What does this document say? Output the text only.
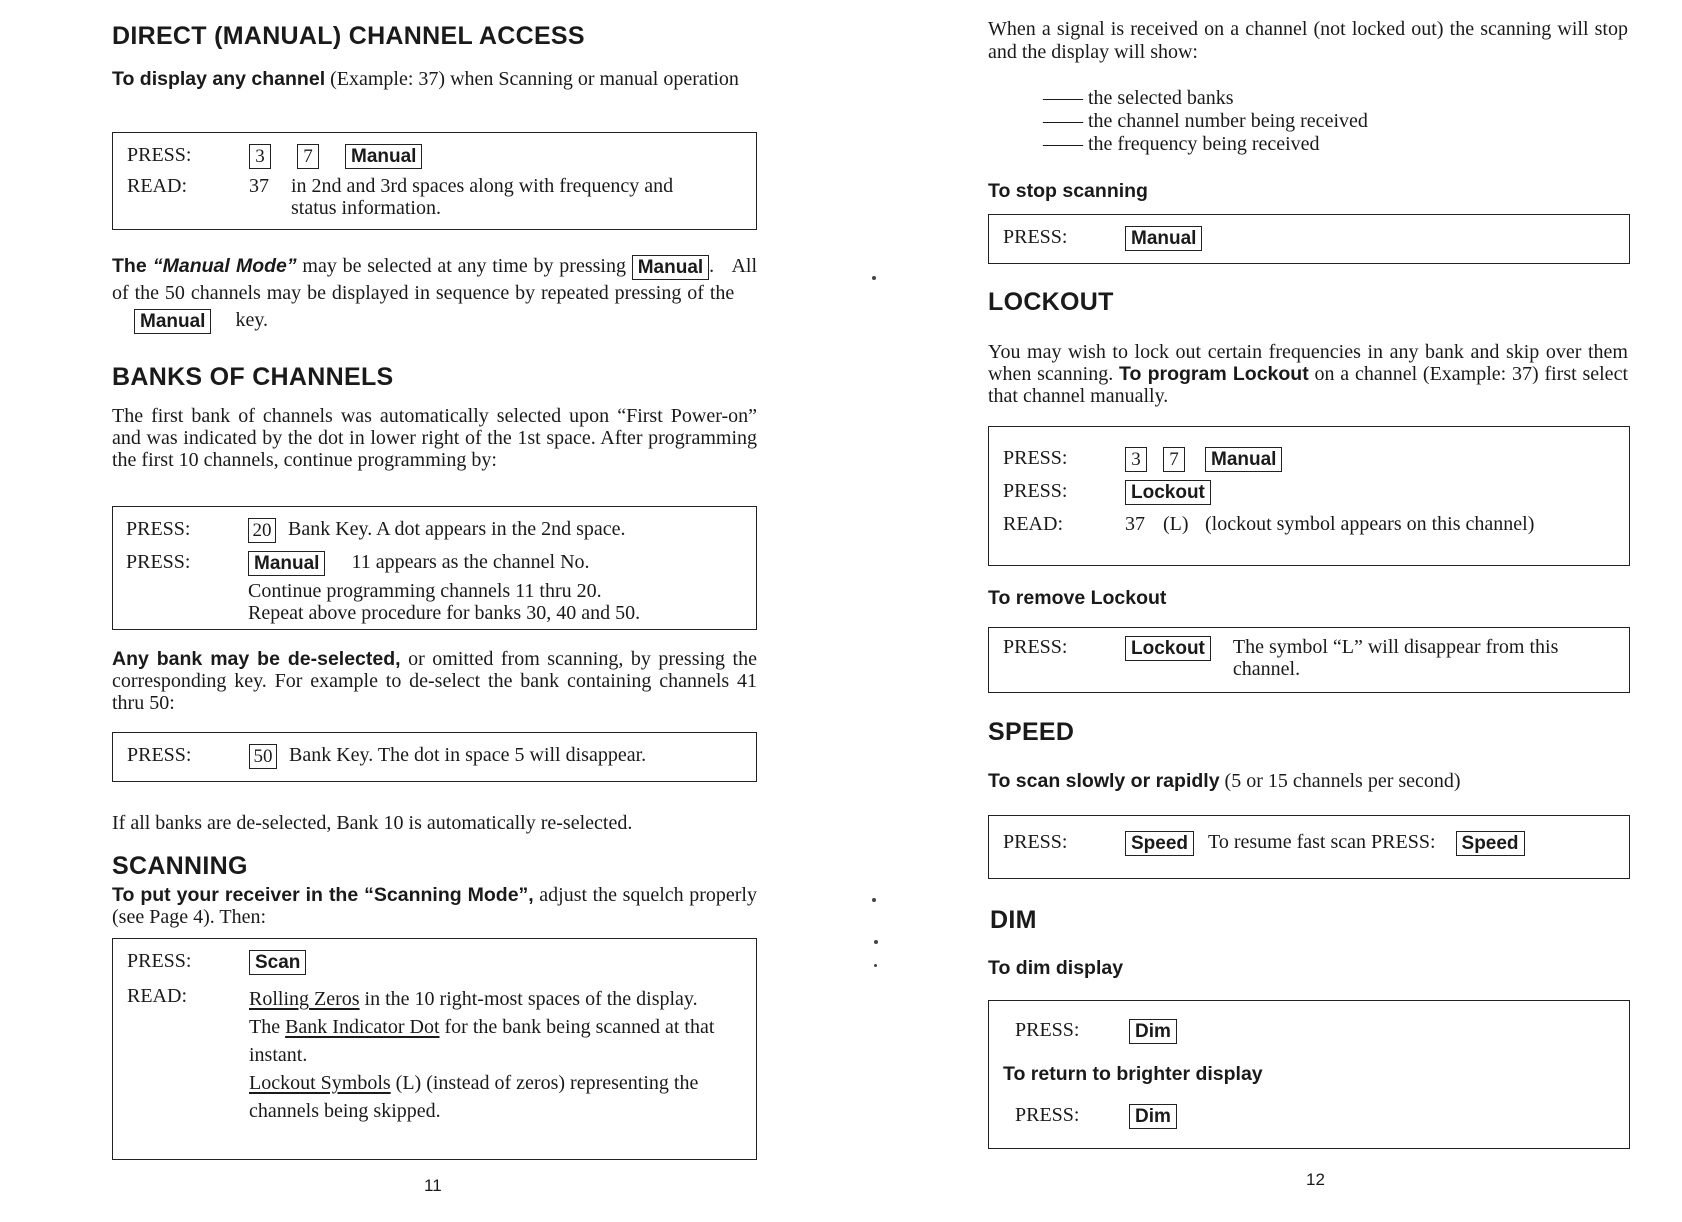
DIRECT (MANUAL) CHANNEL ACCESS

To display any channel (Example: 37) when Scanning or manual operation

PRESS:	3 7 Manual
READ:	37	in 2nd and 3rd spaces along with frequency and status information.

The “Manual Mode” may be selected at any time by pressing Manual .   All of the 50 channels may be displayed in sequence by repeated pressing of the    Manual key.

BANKS OF CHANNELS

The first bank of channels was automatically selected upon “First Power-on” and was indicated by the dot in lower right of the 1st space. After programming the first 10 channels, continue programming by:

PRESS:	20 Bank Key. A dot appears in the 2nd space.
PRESS:	Manual 11 appears as the channel No.
Continue programming channels 11 thru 20.
Repeat above procedure for banks 30, 40 and 50.

Any bank may be de-selected, or omitted from scanning, by pressing the corresponding key. For example to de-select the bank containing channels 41 thru 50:

PRESS:	50 Bank Key. The dot in space 5 will disappear.

If all banks are de-selected, Bank 10 is automatically re-selected.

SCANNING

To put your receiver in the “Scanning Mode”, adjust the squelch properly (see Page 4). Then:

PRESS:	Scan
READ:	Rolling Zeros in the 10 right-most spaces of the display.
The Bank Indicator Dot for the bank being scanned at that instant.
Lockout Symbols (L) (instead of zeros) representing the channels being skipped.
11

When a signal is received on a channel (not locked out) the scanning will stop and the display will show:

—— the selected banks
—— the channel number being received
—— the frequency being received

To stop scanning

PRESS:	Manual
LOCKOUT

You may wish to lock out certain frequencies in any bank and skip over them when scanning. To program Lockout on a channel (Example: 37) first select that channel manually.

PRESS:	3 7 Manual
PRESS:	Lockout
READ:	37 (L) (lockout symbol appears on this channel)

To remove Lockout

PRESS:	Lockout	The symbol “L” will disappear from this channel.
SPEED

To scan slowly or rapidly (5 or 15 channels per second)

PRESS:	Speed To resume fast scan PRESS: Speed
DIM

To dim display

PRESS:	Dim
To return to brighter display
PRESS:	Dim
12
